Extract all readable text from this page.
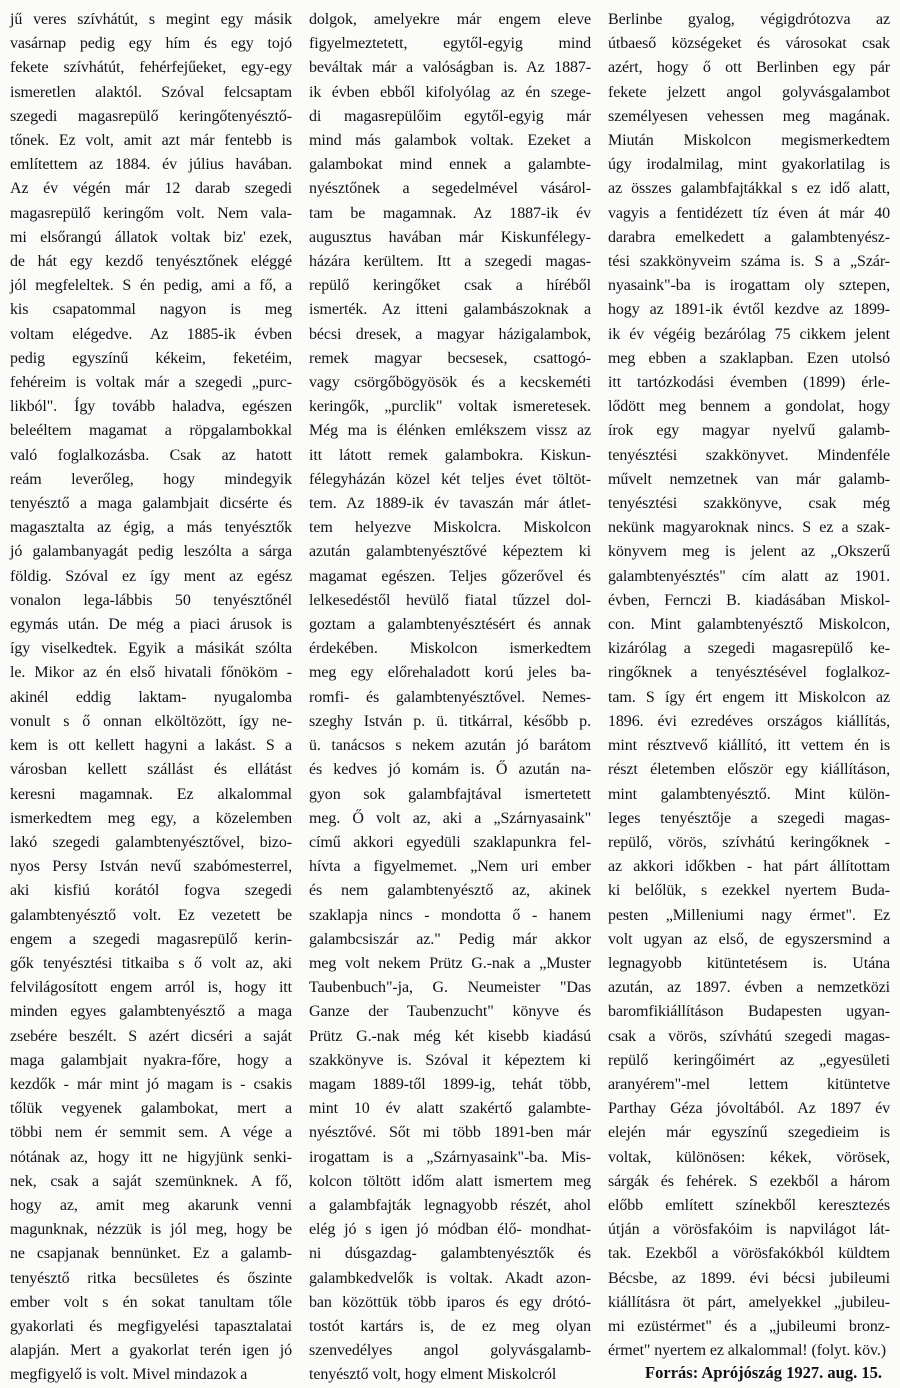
jű veres szívhátút, s megint egy másik

vasárnap pedig egy hím és egy tojó

fekete szívhátút, fehérfejűeket, egy-egy

ismeretlen alaktól. Szóval felcsaptam

szegedi magasrepülő keringőtenyésztő-

tőnek. Ez volt, amit azt már fentebb is

említettem az 1884. év július havában.

Az év végén már 12 darab szegedi

magasrepülő keringőm volt. Nem vala-

mi elsőrangú állatok voltak biz' ezek,

de hát egy kezdő tenyésztőnek eléggé

jól megfeleltek. S én pedig, ami a fő, a

kis csapatommal nagyon is meg

voltam elégedve. Az 1885-ik évben

pedig egyszínű kékeim, feketéim,

fehéreim is voltak már a szegedi „purc-

likból". Így tovább haladva, egészen

beleéltem magamat a röpgalambokkal

való foglalkozásba. Csak az hatott

reám leverőleg, hogy mindegyik

tenyésztő a maga galambjait dicsérte és

magasztalta az égig, a más tenyésztők

jó galambanyagát pedig leszólta a sárga

földig. Szóval ez így ment az egész

vonalon lega-lábbis 50 tenyésztőnél

egymás után. De még a piaci árusok is

így viselkedtek. Egyik a másikát szólta

le. Mikor az én első hivatali főnököm -

akinél eddig laktam- nyugalomba

vonult s ő onnan elköltözött, így ne-

kem is ott kellett hagyni a lakást. S a

városban kellett szállást és ellátást

keresni magamnak. Ez alkalommal

ismerkedtem meg egy, a közelemben

lakó szegedi galambtenyésztővel, bizo-

nyos Persy István nevű szabómesterrel,

aki kisfiú korától fogva szegedi

galambtenyésztő volt. Ez vezetett be

engem a szegedi magasrepülő kerin-

gők tenyésztési titkaiba s ő volt az, aki

felvilágosított engem arról is, hogy itt

minden egyes galambtenyésztő a maga

zsebére beszélt. S azért dicséri a saját

maga galambjait nyakra-főre, hogy a

kezdők - már mint jó magam is - csakis

tőlük vegyenek galambokat, mert a

többi nem ér semmit sem. A vége a

nótának az, hogy itt ne higyjünk senki-

nek, csak a saját szemünknek. A fő,

hogy az, amit meg akarunk venni

magunknak, nézzük is jól meg, hogy be

ne csapjanak bennünket. Ez a galamb-

tenyésztő ritka becsületes és őszinte

ember volt s én sokat tanultam tőle

gyakorlati és megfigyelési tapasztalatai

alapján. Mert a gyakorlat terén igen jó

megfigyelő is volt. Mivel mindazok a

dolgok, amelyekre már engem eleve

figyelmeztetett, egytől-egyig mind

beváltak már a valóságban is. Az 1887-

ik évben ebből kifolyólag az én szege-

di magasrepülőim egytől-egyig már

mind más galambok voltak. Ezeket a

galambokat mind ennek a galambte-

nyésztőnek a segedelmével vásárol-

tam be magamnak. Az 1887-ik év

augusztus havában már Kiskunfélegy-

házára kerültem. Itt a szegedi magas-

repülő keringőket csak a híréből

ismerték. Az itteni galambászoknak a

bécsi dresek, a magyar házigalambok,

remek magyar becsesek, csattogó-

vagy csörgőbögyösök és a kecskeméti

keringők, „purclik" voltak ismeretesek.

Még ma is élénken emlékszem vissz az

itt látott remek galambokra. Kiskun-

félegyházán közel két teljes évet töltöt-

tem. Az 1889-ik év tavaszán már átlet-

tem helyezve Miskolcra. Miskolcon

azután galambtenyésztővé képeztem ki

magamat egészen. Teljes gőzerővel és

lelkesedéstől hevülő fiatal tűzzel dol-

goztam a galambtenyésztésért és annak

érdekében. Miskolcon ismerkedtem

meg egy előrehaladott korú jeles ba-

romfi- és galambtenyésztővel. Nemes-

szeghy István p. ü. titkárral, később p.

ü. tanácsos s nekem azután jó barátom

és kedves jó komám is. Ő azután na-

gyon sok galambfajtával ismertetett

meg. Ő volt az, aki a „Szárnyasaink"

című akkori egyedüli szaklapunkra fel-

hívta a figyelmemet. „Nem uri ember

és nem galambtenyésztő az, akinek

szaklapja nincs - mondotta ő - hanem

galambcsiszár az." Pedig már akkor

meg volt nekem Prütz G.-nak a „Muster

Taubenbuch"-ja, G. Neumeister "Das

Ganze der Taubenzucht" könyve és

Prütz G.-nak még két kisebb kiadású

szakkönyve is. Szóval it képeztem ki

magam 1889-től 1899-ig, tehát több,

mint 10 év alatt szakértő galambte-

nyésztővé. Sőt mi több 1891-ben már

irogattam is a „Szárnyasaink"-ba. Mis-

kolcon töltött időm alatt ismertem meg

a galambfajták legnagyobb részét, ahol

elég jó s igen jó módban élő- mondhat-

ni dúsgazdag- galambtenyésztők és

galambkedvelők is voltak. Akadt azon-

ban közöttük több iparos és egy drótó-

tostót kartárs is, de ez meg olyan

szenvedélyes angol golyvásgalamb-

tenyésztő volt, hogy elment Miskolcról

Berlinbe gyalog, végigdrótozva az

útbaeső községeket és városokat csak

azért, hogy ő ott Berlinben egy pár

fekete jelzett angol golyvásgalambot

személyesen vehessen meg magának.

Miután Miskolcon megismerkedtem

úgy irodalmilag, mint gyakorlatilag is

az összes galambfajtákkal s ez idő alatt,

vagyis a fentidézett tíz éven át már 40

darabra emelkedett a galambtenyész-

tési szakkönyveim száma is. S a „Szár-

nyasaink"-ba is irogattam oly sztepen,

hogy az 1891-ik évtől kezdve az 1899-

ik év végéig bezárólag 75 cikkem jelent

meg ebben a szaklapban. Ezen utolsó

itt tartózkodási évemben (1899) érle-

lődött meg bennem a gondolat, hogy

írok egy magyar nyelvű galamb-

tenyésztési szakkönyvet. Mindenféle

művelt nemzetnek van már galamb-

tenyésztési szakkönyve, csak még

nekünk magyaroknak nincs. S ez a szak-

könyvem meg is jelent az „Okszerű

galambtenyésztés" cím alatt az 1901.

évben, Fernczi B. kiadásában Miskol-

con. Mint galambtenyésztő Miskolcon,

kizárólag a szegedi magasrepülő ke-

ringőknek a tenyésztésével foglalkoz-

tam. S így ért engem itt Miskolcon az

1896. évi ezredéves országos kiállítás,

mint résztvevő kiállító, itt vettem én is

részt életemben először egy kiállításon,

mint galambtenyésztő. Mint külön-

leges tenyésztője a szegedi magas-

repülő, vörös, szívhátú keringőknek -

az akkori időkben - hat párt állítottam

ki belőlük, s ezekkel nyertem Buda-

pesten „Milleniumi nagy érmet". Ez

volt ugyan az első, de egyszersmind a

legnagyobb kitüntetésem is. Utána

azután, az 1897. évben a nemzetközi

baromfikiállításon Budapesten ugyan-

csak a vörös, szívhátú szegedi magas-

repülő keringőimért az „egyesületi

aranyérem"-mel lettem kitüntetve

Parthay Géza jóvoltából. Az 1897 év

elején már egyszínű szegedieim is

voltak, különösen: kékek, vörösek,

sárgák és fehérek. S ezekből a három

előbb említett színekből keresztezés

útján a vörösfakóim is napvilágot lát-

tak. Ezekből a vörösfakókból küldtem

Bécsbe, az 1899. évi bécsi jubileumi

kiállításra öt párt, amelyekkel „jubileu-

mi ezüstérmet" és a „jubileumi bronz-

érmet" nyertem ez alkalommal! (folyt. köv.)

Forrás: Aprójószág 1927. aug. 15.
